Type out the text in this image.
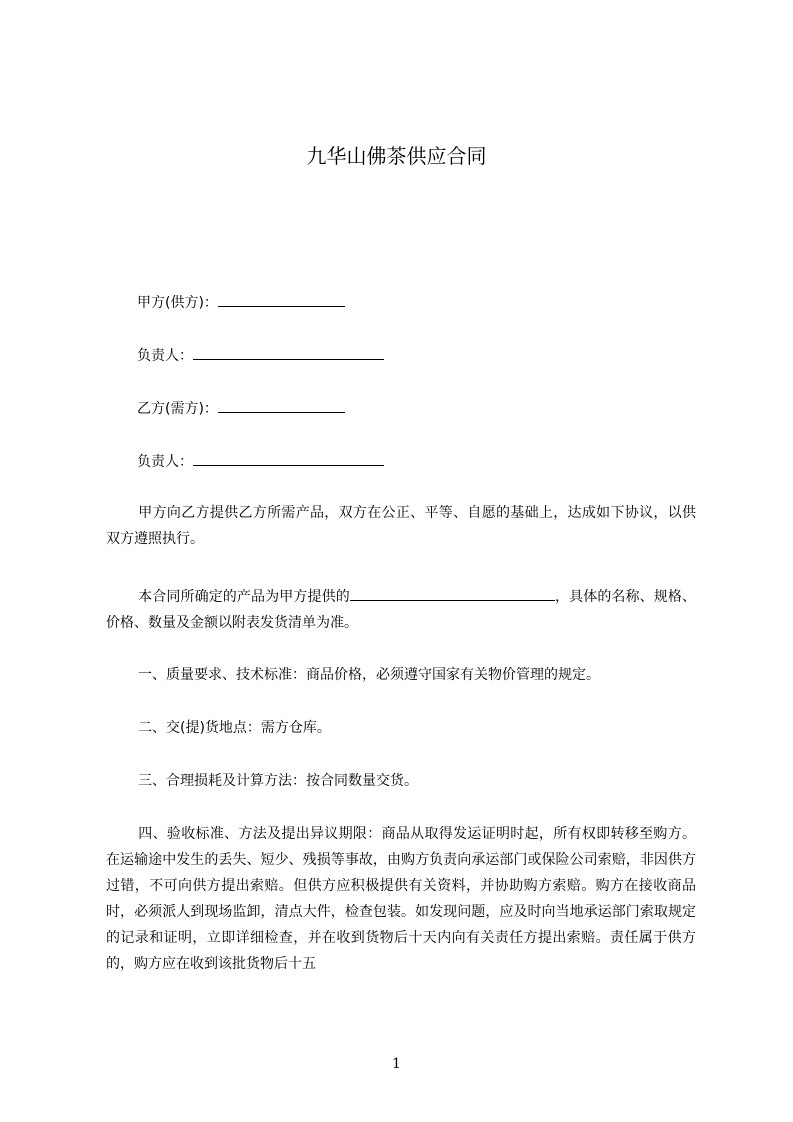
九华山佛茶供应合同
甲方(供方)：
负责人：
乙方(需方)：
负责人：
甲方向乙方提供乙方所需产品，双方在公正、平等、自愿的基础上，达成如下协议，以供双方遵照执行。
本合同所确定的产品为甲方提供的	，具体的名称、规格、价格、数量及金额以附表发货清单为准。
一、质量要求、技术标准：商品价格，必须遵守国家有关物价管理的规定。
二、交(提)货地点：需方仓库。
三、合理损耗及计算方法：按合同数量交货。
四、验收标准、方法及提出异议期限：商品从取得发运证明时起，所有权即转移至购方。在运输途中发生的丢失、短少、残损等事故，由购方负责向承运部门或保险公司索赔，非因供方过错，不可向供方提出索赔。但供方应积极提供有关资料，并协助购方索赔。购方在接收商品时，必须派人到现场监卸，清点大件，检查包装。如发现问题，应及时向当地承运部门索取规定的记录和证明，立即详细检查，并在收到货物后十天内向有关责任方提出索赔。责任属于供方的，购方应在收到该批货物后十五
1
